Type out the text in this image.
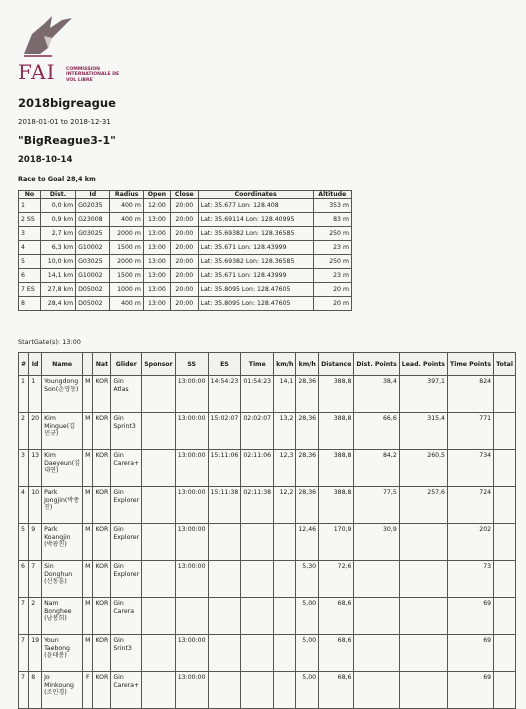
FAI COMMISSION INTERNATIONALE DE VOL LIBRE
2018bigreague
2018-01-01 to 2018-12-31
"BigReague3-1"
2018-10-14
Race to Goal 28,4 km
No	Dist.	Id	Radius	Open	Close	Coordinates	Altitude
1	0,0 km	G02035	400 m	12:00	20:00	Lat: 35.677 Lon: 128.408	353 m
2 SS	0,9 km	G23008	400 m	13:00	20:00	Lat: 35.69114 Lon: 128.40995	83 m
3	2,7 km	G03025	2000 m	13:00	20:00	Lat: 35.69382 Lon: 128.36585	250 m
4	6,3 km	G10002	1500 m	13:00	20:00	Lat: 35.671 Lon: 128.43999	23 m
5	10,0 km	G03025	2000 m	13:00	20:00	Lat: 35.69382 Lon: 128.36585	250 m
6	14,1 km	G10002	1500 m	13:00	20:00	Lat: 35.671 Lon: 128.43999	23 m
7 ES	27,8 km	D05002	1000 m	13:00	20:00	Lat: 35.8095 Lon: 128.47605	20 m
8	28,4 km	D05002	400 m	13:00	20:00	Lat: 35.8095 Lon: 128.47605	20 m
StartGate(s): 13:00
#	Id	Name		Nat	Glider	Sponsor	SS	ES	Time	km/h	km/h	Distance	Dist. Points	Lead. Points	Time Points	Total
1	1	Youngdong Son(손영동)	M	KOR	Gin Atlas		13:00:00	14:54:23	01:54:23	14,1	28,36	388,8	38,4	397,1	824	
2	20	Kim Mingue(김민규)	M	KOR	Gin Sprint3		13:00:00	15:02:07	02:02:07	13,2	28,36	388,8	66,6	315,4	771	
3	13	Kim Daeyeun(김대연)	M	KOR	Gin Carera+		13:00:00	15:11:06	02:11:06	12,3	28,36	388,8	84,2	260,5	734	
4	10	Park Jongjin(박종진)	M	KOR	Gin Explorer		13:00:00	15:11:38	02:11:38	12,2	28,36	388,8	77,5	257,6	724	
5	9	Park Koangjin (박광진)	M	KOR	Gin Explorer		13:00:00				12,46	170,9	30,9		202	
6	7	Sin Donghun (신동훈)	M	KOR	Gin Explorer		13:00:00				5,30	72,6			73	
7	2	Nam Bonghee (남봉희)	M	KOR	Gin Carera						5,00	68,6			69	
7	19	Youn Taebong (윤태봉)	M	KOR	Gin Srint3		13:00:00				5,00	68,6			69	
7	8	Jo Minkoung (조민경)	F	KOR	Gin Carera+		13:00:00				5,00	68,6			69	
